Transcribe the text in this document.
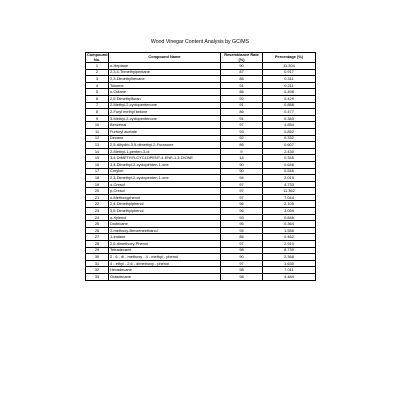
Wood Vinegar Content Analysis by GC/MS
Compound No.	Compound Name	Resemblance Rate (%)	Percentage (%)
1	n-Heptane	90	11.304
2	2,3,4-Trimethylpentane	87	0.917
3	2,3-Dimethylhexane	86	0.311
4	Toluene	91	0.211
5	n-Octane	86	0.498
6	2,5-Dimethylfuran	92	0.429
7	2-Methyl-2-cyclopentenone	91	0.888
8	2-Furyl methyl ketone	86	0.477
9	3-Methyl-2-cyclopentenone	91	0.383
10	Benzenal	97	4.854
11	Furfuryl acetate	93	0.852
12	Decane	92	0.332
13	2,5-dihydro-3,5-dimethyl-2-Furanone	86	0.607
14	2-Methyl-1-penten-3-ol	9	2.430
15	3,4-DIMETHYLCYCLOPENT-4-ENE-1,3-DIONE	14	0.345
16	3,4-Dimethyl-2-cyclopenten-1-one	90	0.648
17	Corylon	90	0.546
18	2,3-Dimethyl-2-cyclopenten-1-one	94	2.015
19	o-Cresol	97	4.733
20	p-Cresol	97	11.362
21	o-Methoxyphenol	97	7.044
22	2,4-Dimethylphenol	96	2.105
23	3,5-Dimethylphenol	96	3.059
24	o-Xylenol	93	0.846
25	Dodecane	95	0.364
26	2-methoxy-Benzeneethanol	94	1.556
27	1-Indane	86	0.462
28	2,6-dimethoxy-Phenol	97	2.910
29	Tetradecane	98	8.730
30	2 , 6 - di - methoxy - 4 - methyl - phenol	90	2.368
31	4 - ethyl - 2,6 - dimethoxy - phenol	97	1.630
32	Hexadecane	98	7.011
33	Octadecane	98	4.484
